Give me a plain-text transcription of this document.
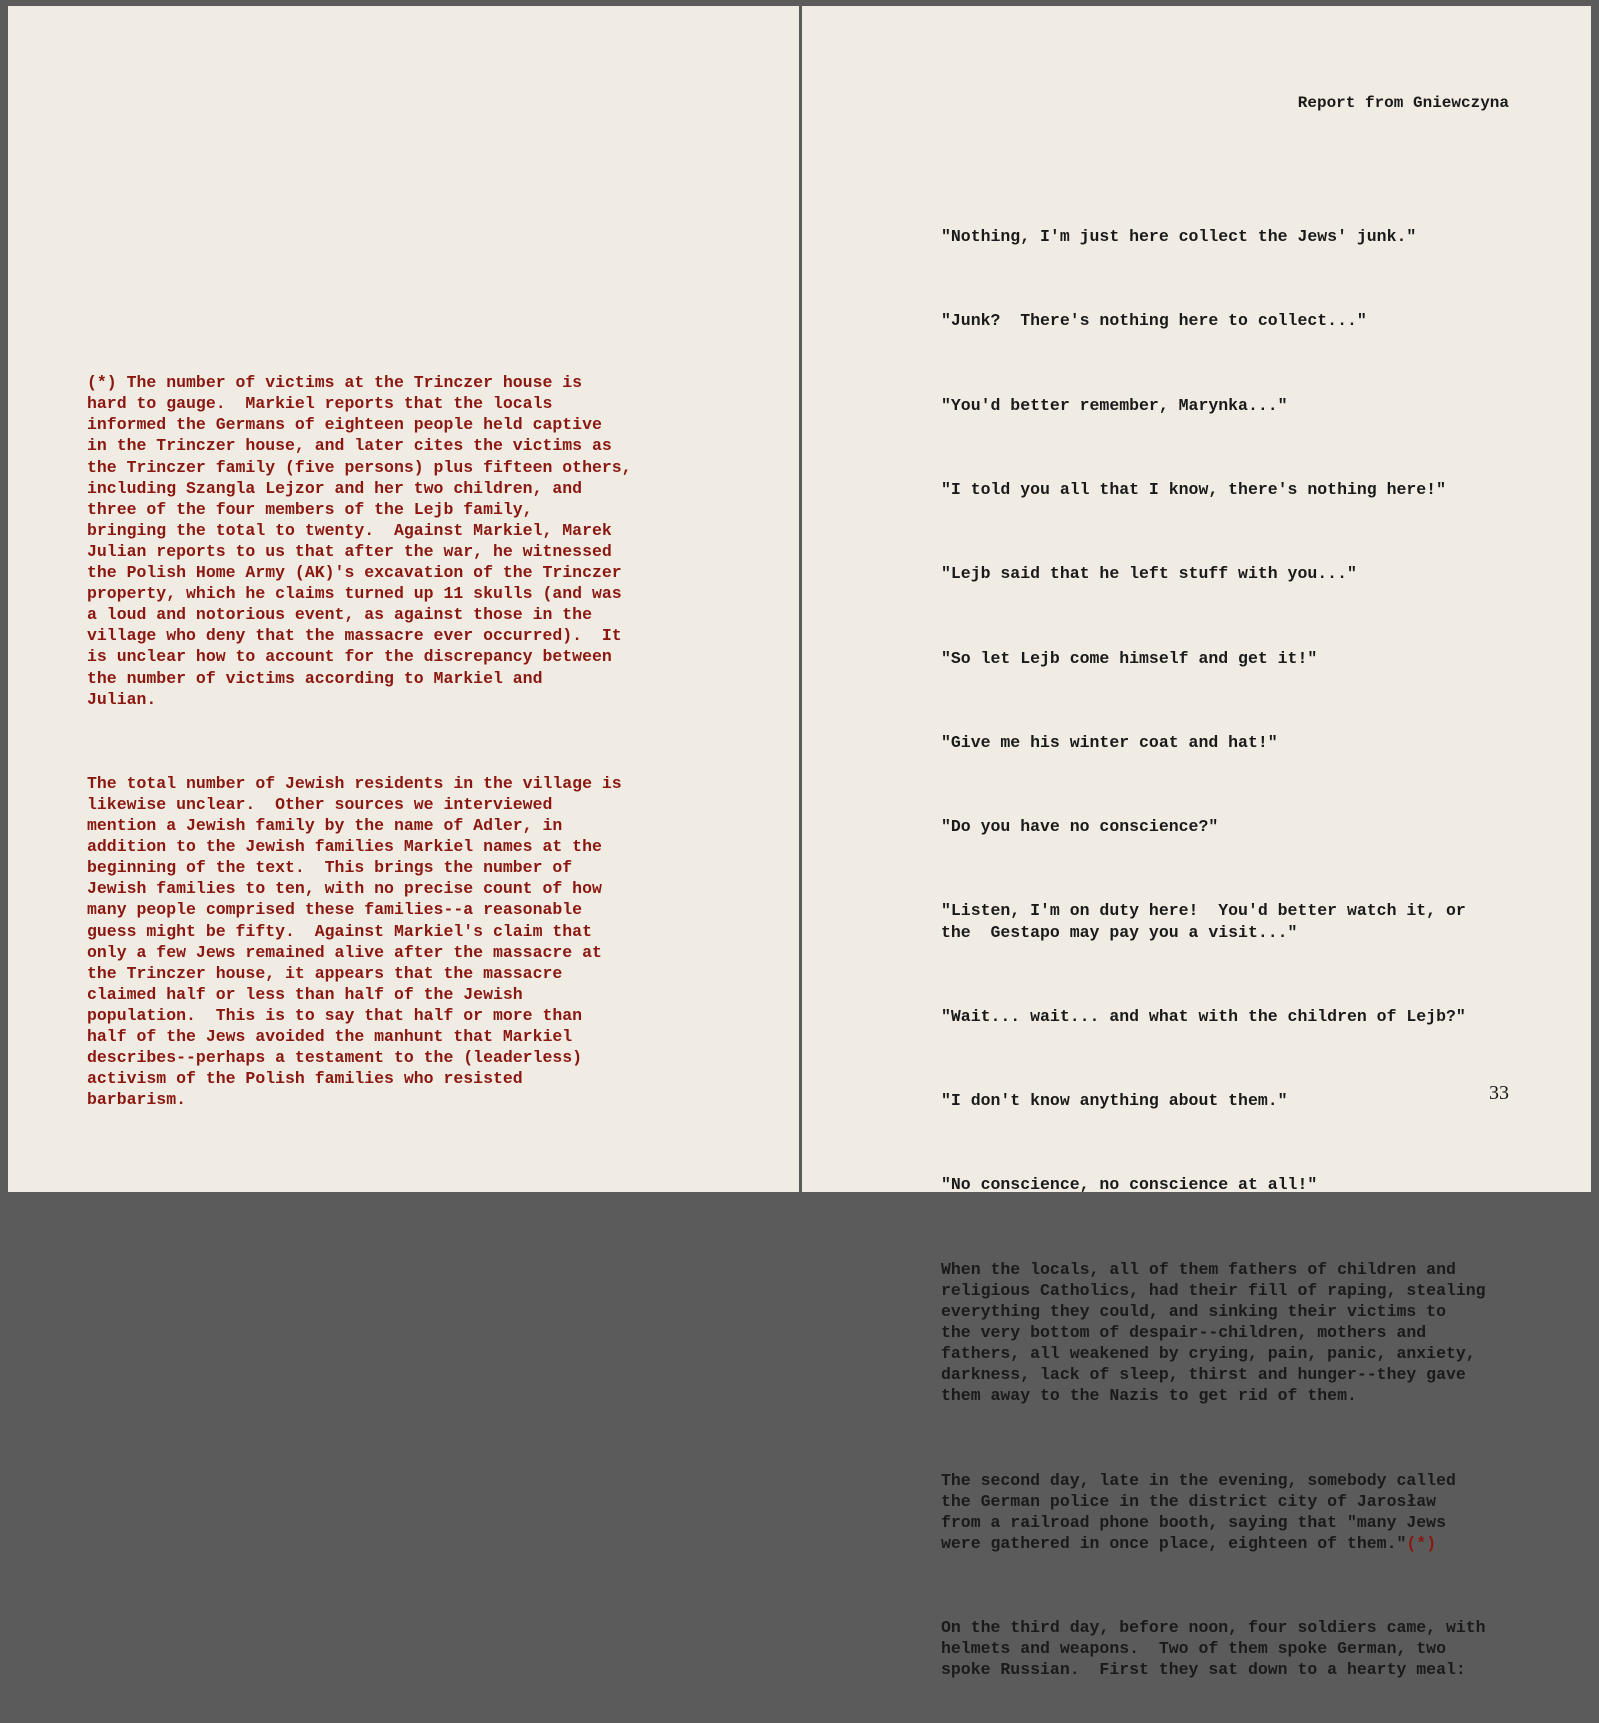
(*) The number of victims at the Trinczer house is
hard to gauge.  Markiel reports that the locals
informed the Germans of eighteen people held captive
in the Trinczer house, and later cites the victims as
the Trinczer family (five persons) plus fifteen others,
including Szangla Lejzor and her two children, and
three of the four members of the Lejb family,
bringing the total to twenty.  Against Markiel, Marek
Julian reports to us that after the war, he witnessed
the Polish Home Army (AK)'s excavation of the Trinczer
property, which he claims turned up 11 skulls (and was
a loud and notorious event, as against those in the
village who deny that the massacre ever occurred).  It
is unclear how to account for the discrepancy between
the number of victims according to Markiel and
Julian.

The total number of Jewish residents in the village is
likewise unclear.  Other sources we interviewed
mention a Jewish family by the name of Adler, in
addition to the Jewish families Markiel names at the
beginning of the text.  This brings the number of
Jewish families to ten, with no precise count of how
many people comprised these families--a reasonable
guess might be fifty.  Against Markiel's claim that
only a few Jews remained alive after the massacre at
the Trinczer house, it appears that the massacre
claimed half or less than half of the Jewish
population.  This is to say that half or more than
half of the Jews avoided the manhunt that Markiel
describes--perhaps a testament to the (leaderless)
activism of the Polish families who resisted
barbarism.

Report from Gniewczyna

"Nothing, I'm just here collect the Jews' junk."

"Junk?  There's nothing here to collect..."

"You'd better remember, Marynka..."

"I told you all that I know, there's nothing here!"

"Lejb said that he left stuff with you..."

"So let Lejb come himself and get it!"

"Give me his winter coat and hat!"

"Do you have no conscience?"

"Listen, I'm on duty here!  You'd better watch it, or
the  Gestapo may pay you a visit..."

"Wait... wait... and what with the children of Lejb?"

"I don't know anything about them."

"No conscience, no conscience at all!"

When the locals, all of them fathers of children and
religious Catholics, had their fill of raping, stealing
everything they could, and sinking their victims to
the very bottom of despair--children, mothers and
fathers, all weakened by crying, pain, panic, anxiety,
darkness, lack of sleep, thirst and hunger--they gave
them away to the Nazis to get rid of them.

The second day, late in the evening, somebody called
the German police in the district city of Jarosław
from a railroad phone booth, saying that "many Jews
were gathered in once place, eighteen of them."(*)

On the third day, before noon, four soldiers came, with
helmets and weapons.  Two of them spoke German, two
spoke Russian.  First they sat down to a hearty meal:

33
